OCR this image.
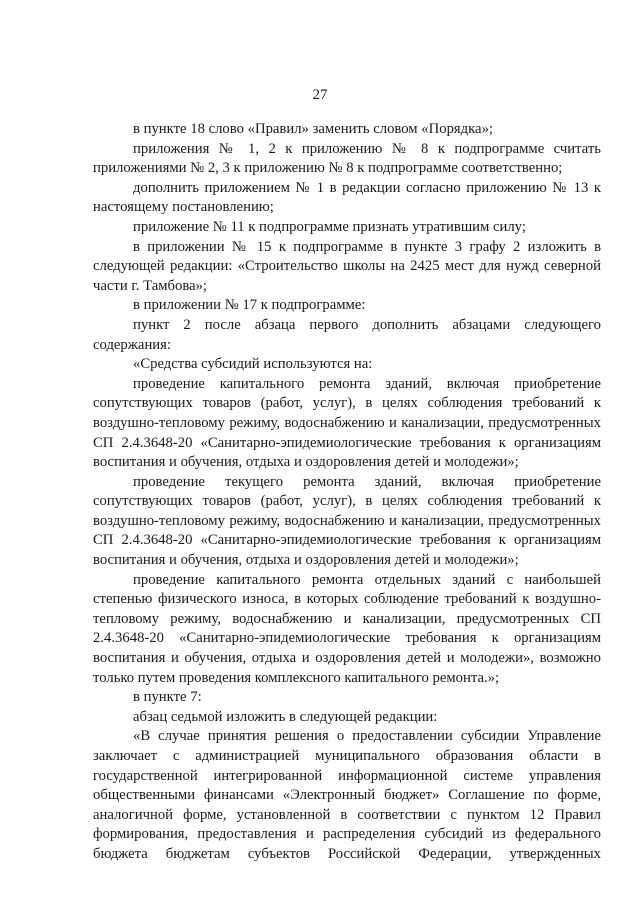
27

в пункте 18 слово «Правил» заменить словом «Порядка»;

приложения № 1, 2 к приложению № 8 к подпрограмме считать приложениями № 2, 3 к приложению № 8 к подпрограмме соответственно;

дополнить приложением № 1 в редакции согласно приложению № 13 к настоящему постановлению;

приложение № 11 к подпрограмме признать утратившим силу;

в приложении № 15 к подпрограмме в пункте 3 графу 2 изложить в следующей редакции: «Строительство школы на 2425 мест для нужд северной части г. Тамбова»;

в приложении № 17 к подпрограмме:

пункт 2 после абзаца первого дополнить абзацами следующего содержания:

«Средства субсидий используются на:

проведение капитального ремонта зданий, включая приобретение сопутствующих товаров (работ, услуг), в целях соблюдения требований к воздушно-тепловому режиму, водоснабжению и канализации, предусмотренных СП 2.4.3648-20 «Санитарно-эпидемиологические требования к организациям воспитания и обучения, отдыха и оздоровления детей и молодежи»;

проведение текущего ремонта зданий, включая приобретение сопутствующих товаров (работ, услуг), в целях соблюдения требований к воздушно-тепловому режиму, водоснабжению и канализации, предусмотренных СП 2.4.3648-20 «Санитарно-эпидемиологические требования к организациям воспитания и обучения, отдыха и оздоровления детей и молодежи»;

проведение капитального ремонта отдельных зданий с наибольшей степенью физического износа, в которых соблюдение требований к воздушно-тепловому режиму, водоснабжению и канализации, предусмотренных СП 2.4.3648-20 «Санитарно-эпидемиологические требования к организациям воспитания и обучения, отдыха и оздоровления детей и молодежи», возможно только путем проведения комплексного капитального ремонта.»;

в пункте 7:

абзац седьмой изложить в следующей редакции:

«В случае принятия решения о предоставлении субсидии Управление заключает с администрацией муниципального образования области в государственной интегрированной информационной системе управления общественными финансами «Электронный бюджет» Соглашение по форме, аналогичной форме, установленной в соответствии с пунктом 12 Правил формирования, предоставления и распределения субсидий из федерального бюджета бюджетам субъектов Российской Федерации, утвержденных
